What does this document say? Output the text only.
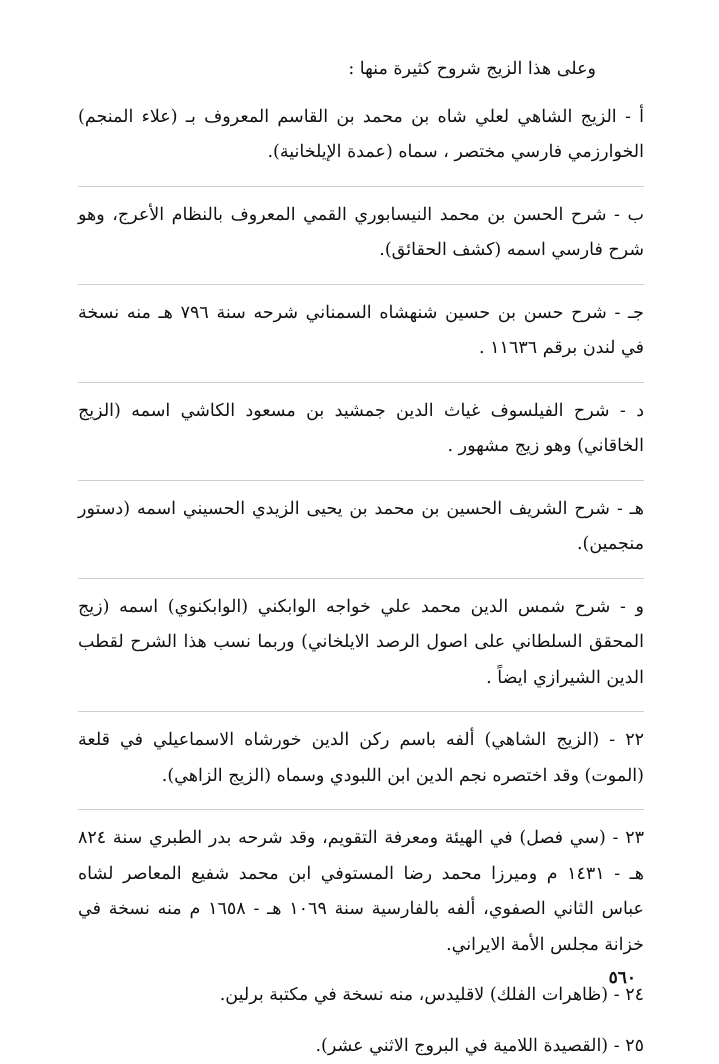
وعلى هذا الزيج شروح كثيرة منها :
أ - الزيج الشاهي لعلي شاه بن محمد بن القاسم المعروف بـ (علاء المنجم) الخوارزمي فارسي مختصر ، سماه (عمدة الإيلخانية).
ب - شرح الحسن بن محمد النيسابوري القمي المعروف بالنظام الأعرج، وهو شرح فارسي اسمه (كشف الحقائق).
جـ - شرح حسن بن حسين شنهشاه السمناني شرحه سنة ٧٩٦ هـ منه نسخة في لندن برقم ١١٦٣٦ .
د - شرح الفيلسوف غياث الدين جمشيد بن مسعود الكاشي اسمه (الزيج الخاقاني) وهو زيج مشهور .
هـ - شرح الشريف الحسين بن محمد بن يحيى الزيدي الحسيني اسمه (دستور منجمين).
و - شرح شمس الدين محمد علي خواجه الوابكني (الوابكنوي) اسمه (زيج المحقق السلطاني على اصول الرصد الايلخاني) وربما نسب هذا الشرح لقطب الدين الشيرازي ايضاً .
٢٢ - (الزيج الشاهي) ألفه باسم ركن الدين خورشاه الاسماعيلي في قلعة (الموت) وقد اختصره نجم الدين ابن اللبودي وسماه (الزيج الزاهي).
٢٣ - (سي فصل) في الهيئة ومعرفة التقويم، وقد شرحه بدر الطبري سنة ٨٢٤ هـ - ١٤٣١ م وميرزا محمد رضا المستوفي ابن محمد شفيع المعاصر لشاه عباس الثاني الصفوي، ألفه بالفارسية سنة ١٠٦٩ هـ - ١٦٥٨ م منه نسخة في خزانة مجلس الأمة الايراني.
٢٤ - (ظاهرات الفلك) لاقليدس، منه نسخة في مكتبة برلين.
٢٥ - (القصيدة اللامية في البروج الاثني عشر).
٥٦٠
